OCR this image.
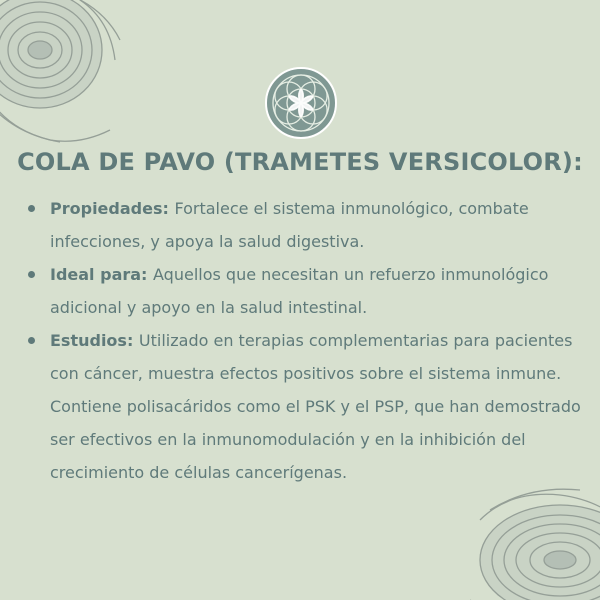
COLA DE PAVO (TRAMETES VERSICOLOR):
Propiedades: Fortalece el sistema inmunológico, combate infecciones, y apoya la salud digestiva.
Ideal para: Aquellos que necesitan un refuerzo inmunológico adicional y apoyo en la salud intestinal.
Estudios: Utilizado en terapias complementarias para pacientes con cáncer, muestra efectos positivos sobre el sistema inmune. Contiene polisacáridos como el PSK y el PSP, que han demostrado ser efectivos en la inmunomodulación y en la inhibición del crecimiento de células cancerígenas.
